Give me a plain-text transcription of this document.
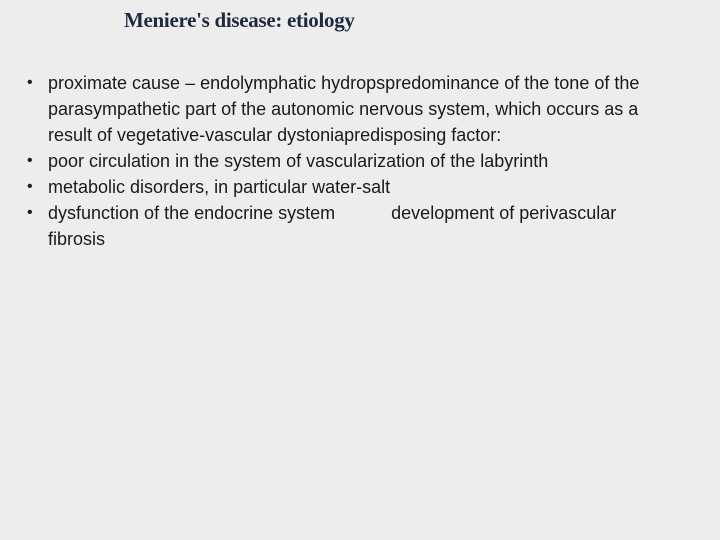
Meniere's disease: etiology
• proximate cause – endolymphatic hydropspredominance of the tone of the parasympathetic part of the autonomic nervous system, which occurs as a result of vegetative-vascular dystoniapredisposing factor:
• poor circulation in the system of vascularization of the labyrinth
• metabolic disorders, in particular water-salt
• dysfunction of the endocrine system	development of perivascular fibrosis
